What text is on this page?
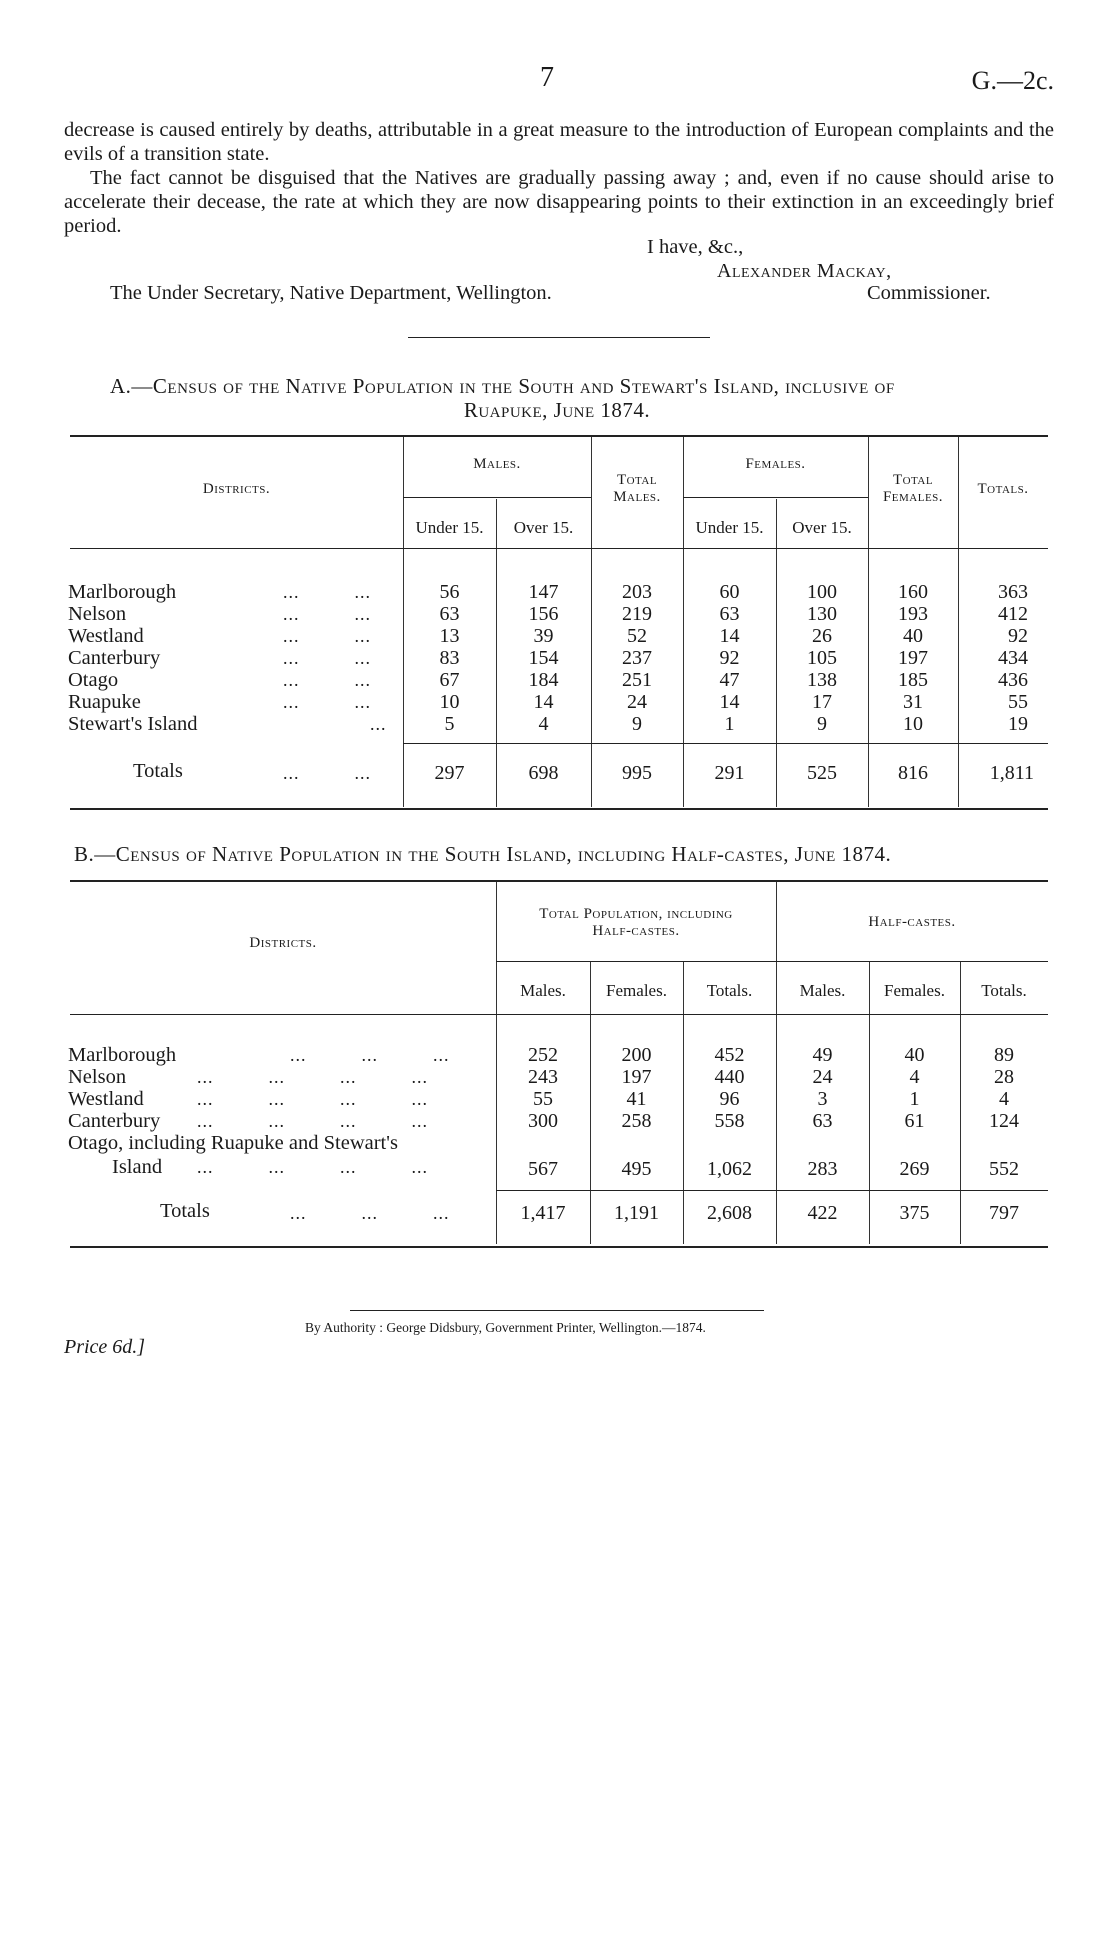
7	G.—2c.
decrease is caused entirely by deaths, attributable in a great measure to the introduction of European complaints and the evils of a transition state.
The fact cannot be disguised that the Natives are gradually passing away ; and, even if no cause should arise to accelerate their decease, the rate at which they are now disappearing points to their extinction in an exceedingly brief period.
I have, &c.,
Alexander Mackay,
The Under Secretary, Native Department, Wellington.	Commissioner.
A.—Census of the Native Population in the South and Stewart's Island, inclusive of
Ruapuke, June 1874.
Districts.
Males.
Under 15.	Over 15.
Total
Males.
Females.
Under 15.	Over 15.
Total
Females.	Totals.
Marlborough	...          ...	56	147	203	60	100	160	363
Nelson	...          ...	63	156	219	63	130	193	412
Westland	...          ...	13	39	52	14	26	40	92
Canterbury	...          ...	83	154	237	92	105	197	434
Otago	...          ...	67	184	251	47	138	185	436
Ruapuke	...          ...	10	14	24	14	17	31	55
Stewart's Island	...	5	4	9	1	9	10	19
Totals	...          ...	297	698	995	291	525	816	1,811
B.—Census of Native Population in the South Island, including Half-castes, June 1874.
Districts.
Total Population, including
Half-castes.
Half-castes.
Males.	Females.	Totals.	Males.	Females.	Totals.
Marlborough	...          ...          ...	252	200	452	49	40	89
Nelson	...          ...          ...          ...	243	197	440	24	4	28
Westland	...          ...          ...          ...	55	41	96	3	1	4
Canterbury ...          ...          ...          ...	300	258	558	63	61	124
Otago, including Ruapuke and Stewart's
Island ...          ...          ...          ...	567	495	1,062	283	269	552
Totals	...          ...          ...	1,417	1,191	2,608	422	375	797
Price 6d.]
By Authority : George Didsbury, Government Printer, Wellington.—1874.
